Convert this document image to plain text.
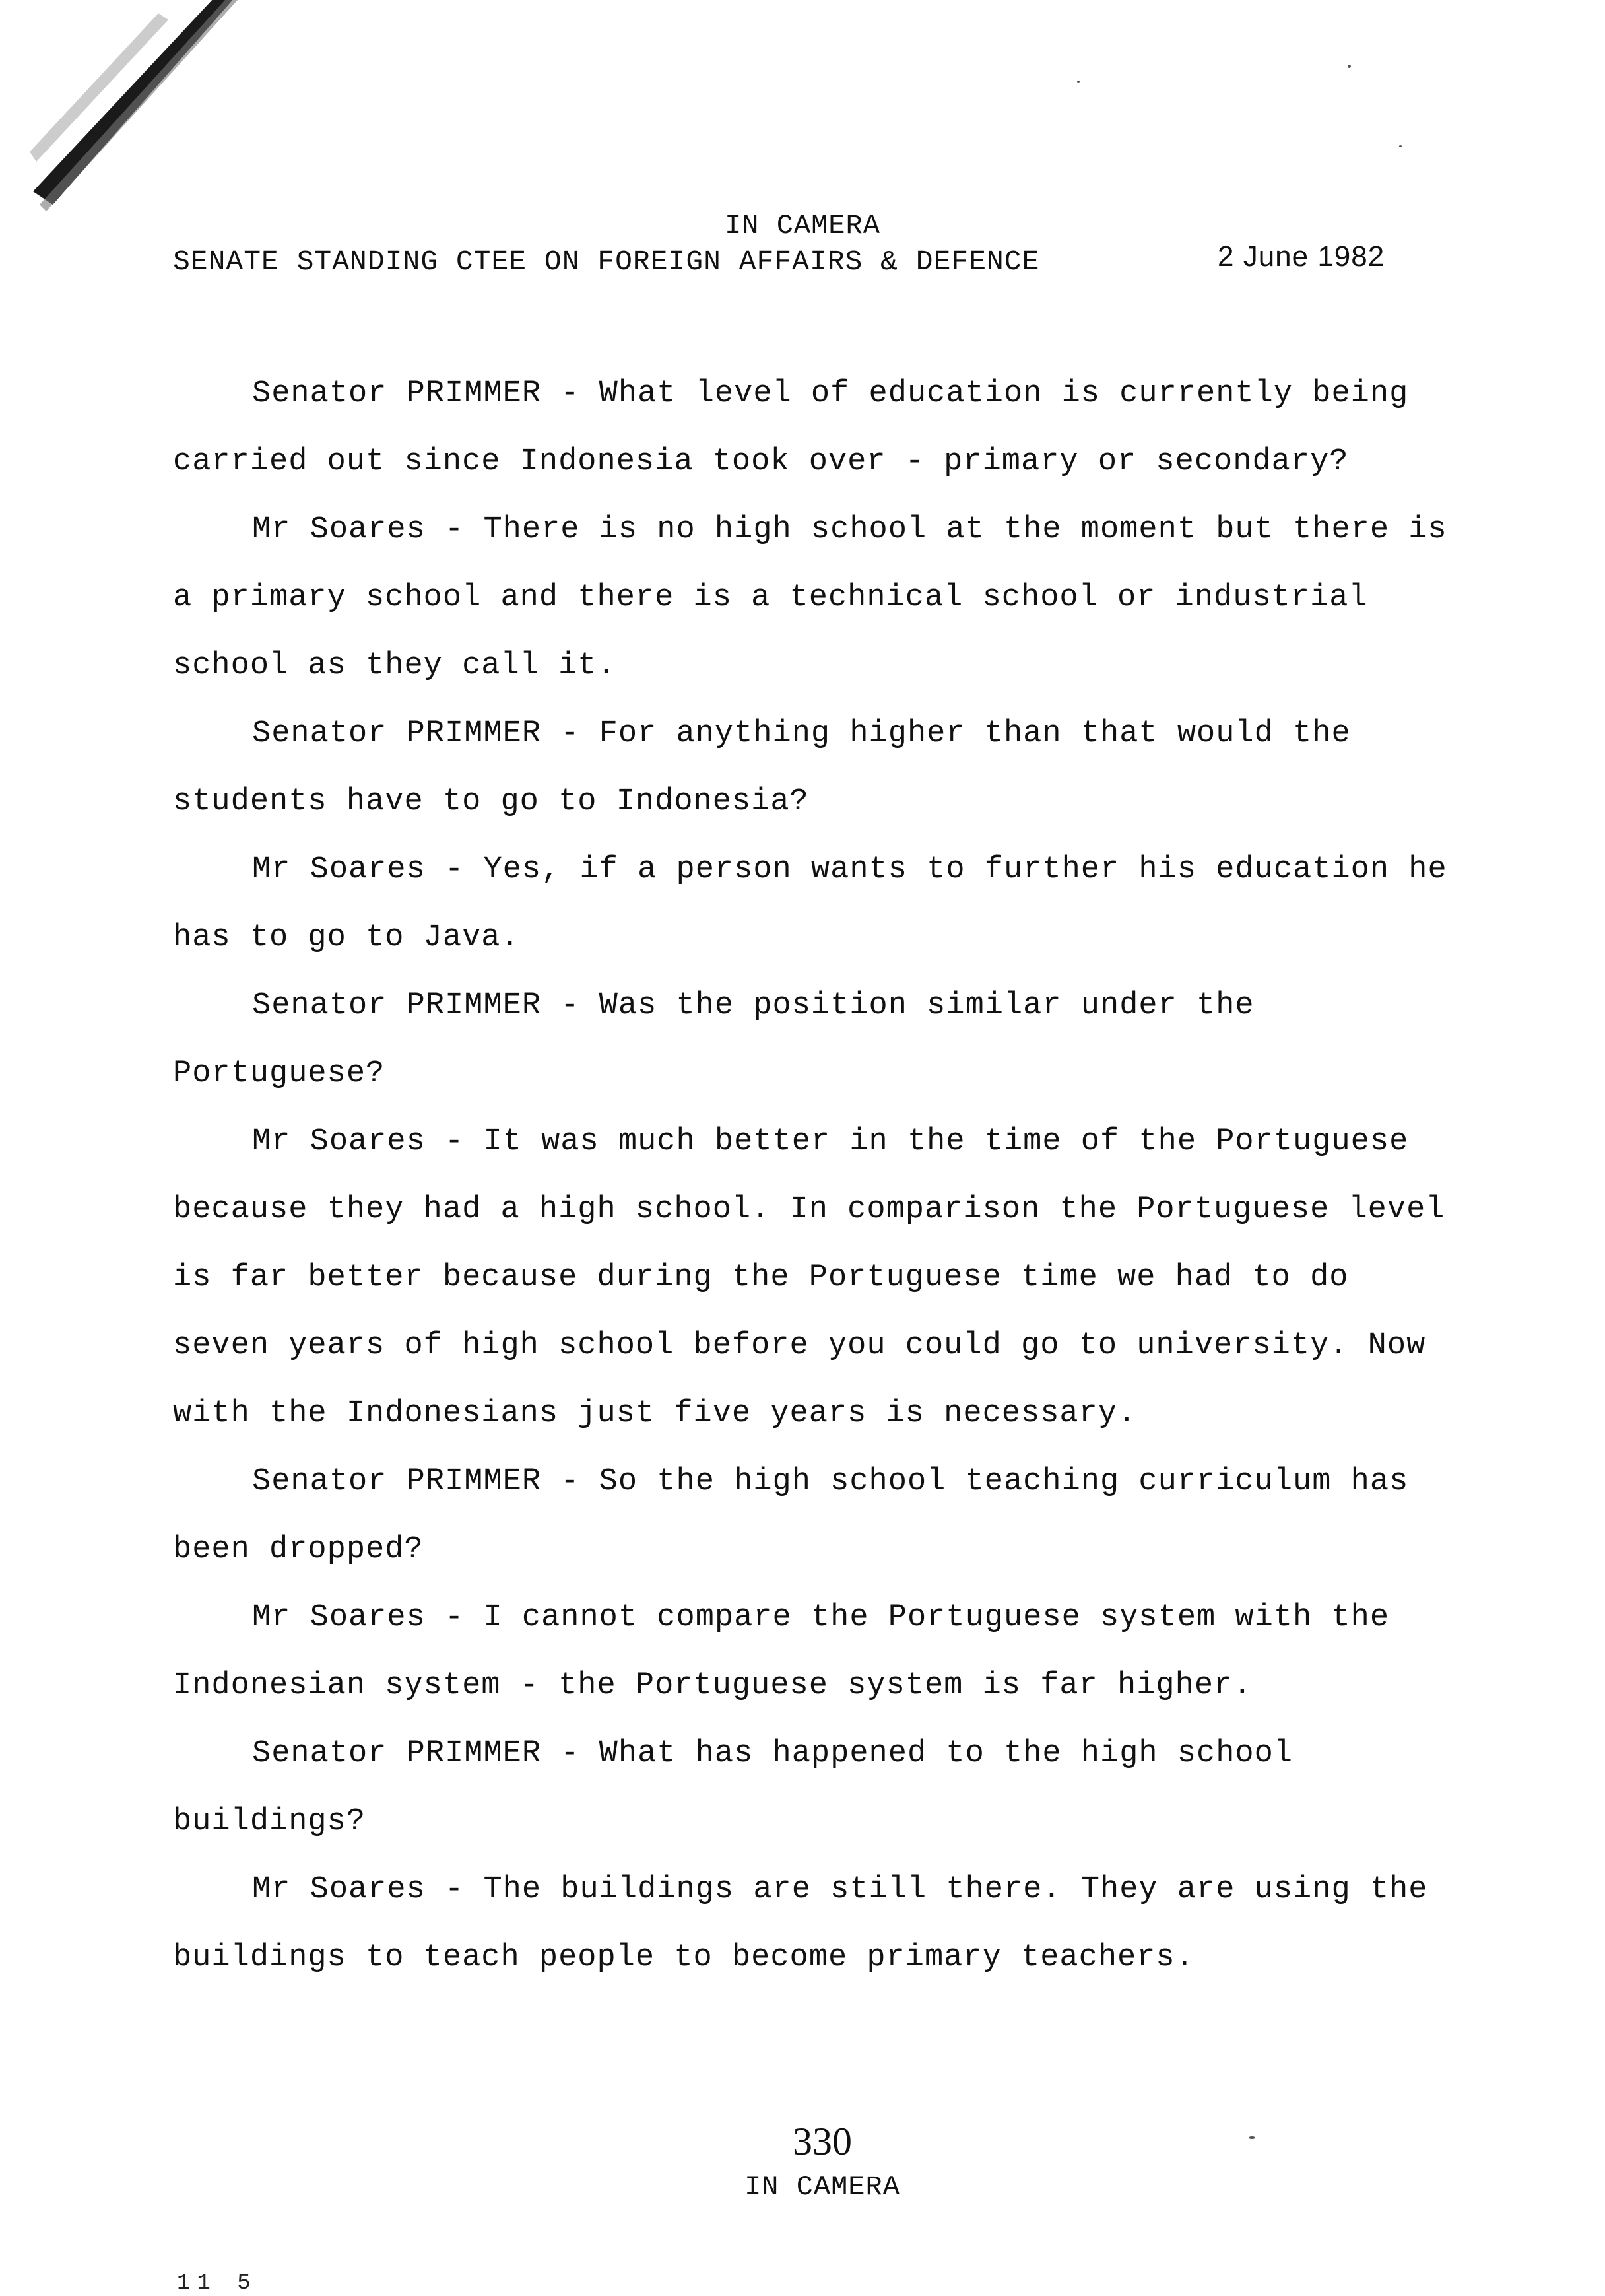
IN CAMERA
SENATE STANDING CTEE ON FOREIGN AFFAIRS & DEFENCE	2 June 1982

Senator PRIMMER - What level of education is currently being carried out since Indonesia took over - primary or secondary?

Mr Soares - There is no high school at the moment but there is a primary school and there is a technical school or industrial school as they call it.

Senator PRIMMER - For anything higher than that would the students have to go to Indonesia?

Mr Soares - Yes, if a person wants to further his education he has to go to Java.

Senator PRIMMER - Was the position similar under the Portuguese?

Mr Soares - It was much better in the time of the Portuguese because they had a high school. In comparison the Portuguese level is far better because during the Portuguese time we had to do seven years of high school before you could go to university. Now with the Indonesians just five years is necessary.

Senator PRIMMER - So the high school teaching curriculum has been dropped?

Mr Soares - I cannot compare the Portuguese system with the Indonesian system - the Portuguese system is far higher.

Senator PRIMMER - What has happened to the high school buildings?

Mr Soares - The buildings are still there. They are using the buildings to teach people to become primary teachers.

330
IN CAMERA
11 5
